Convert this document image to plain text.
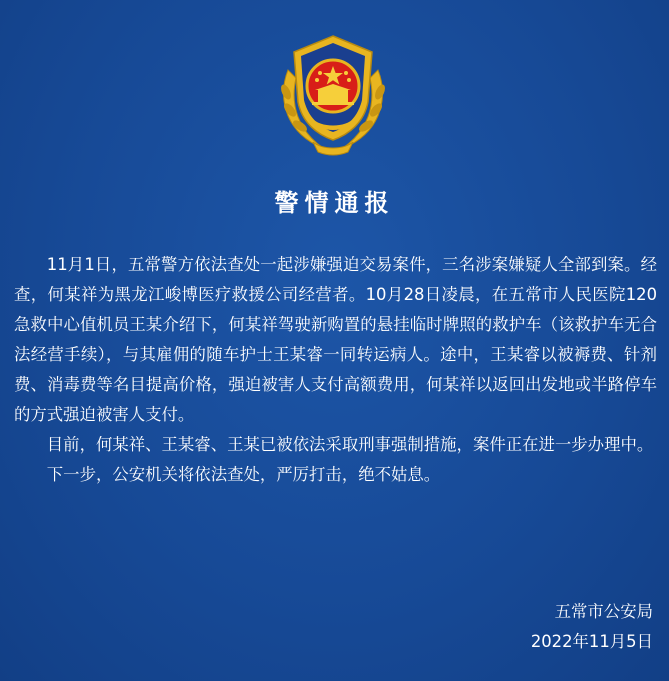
警情通报

11月1日，五常警方依法查处一起涉嫌强迫交易案件，三名涉案嫌疑人全部到案。经查，何某祥为黑龙江峻博医疗救援公司经营者。10月28日凌晨，在五常市人民医院120急救中心值机员王某介绍下，何某祥驾驶新购置的悬挂临时牌照的救护车（该救护车无合法经营手续），与其雇佣的随车护士王某睿一同转运病人。途中，王某睿以被褥费、针剂费、消毒费等名目提高价格，强迫被害人支付高额费用，何某祥以返回出发地或半路停车的方式强迫被害人支付。

目前，何某祥、王某睿、王某已被依法采取刑事强制措施，案件正在进一步办理中。

下一步，公安机关将依法查处，严厉打击，绝不姑息。

五常市公安局
2022年11月5日
